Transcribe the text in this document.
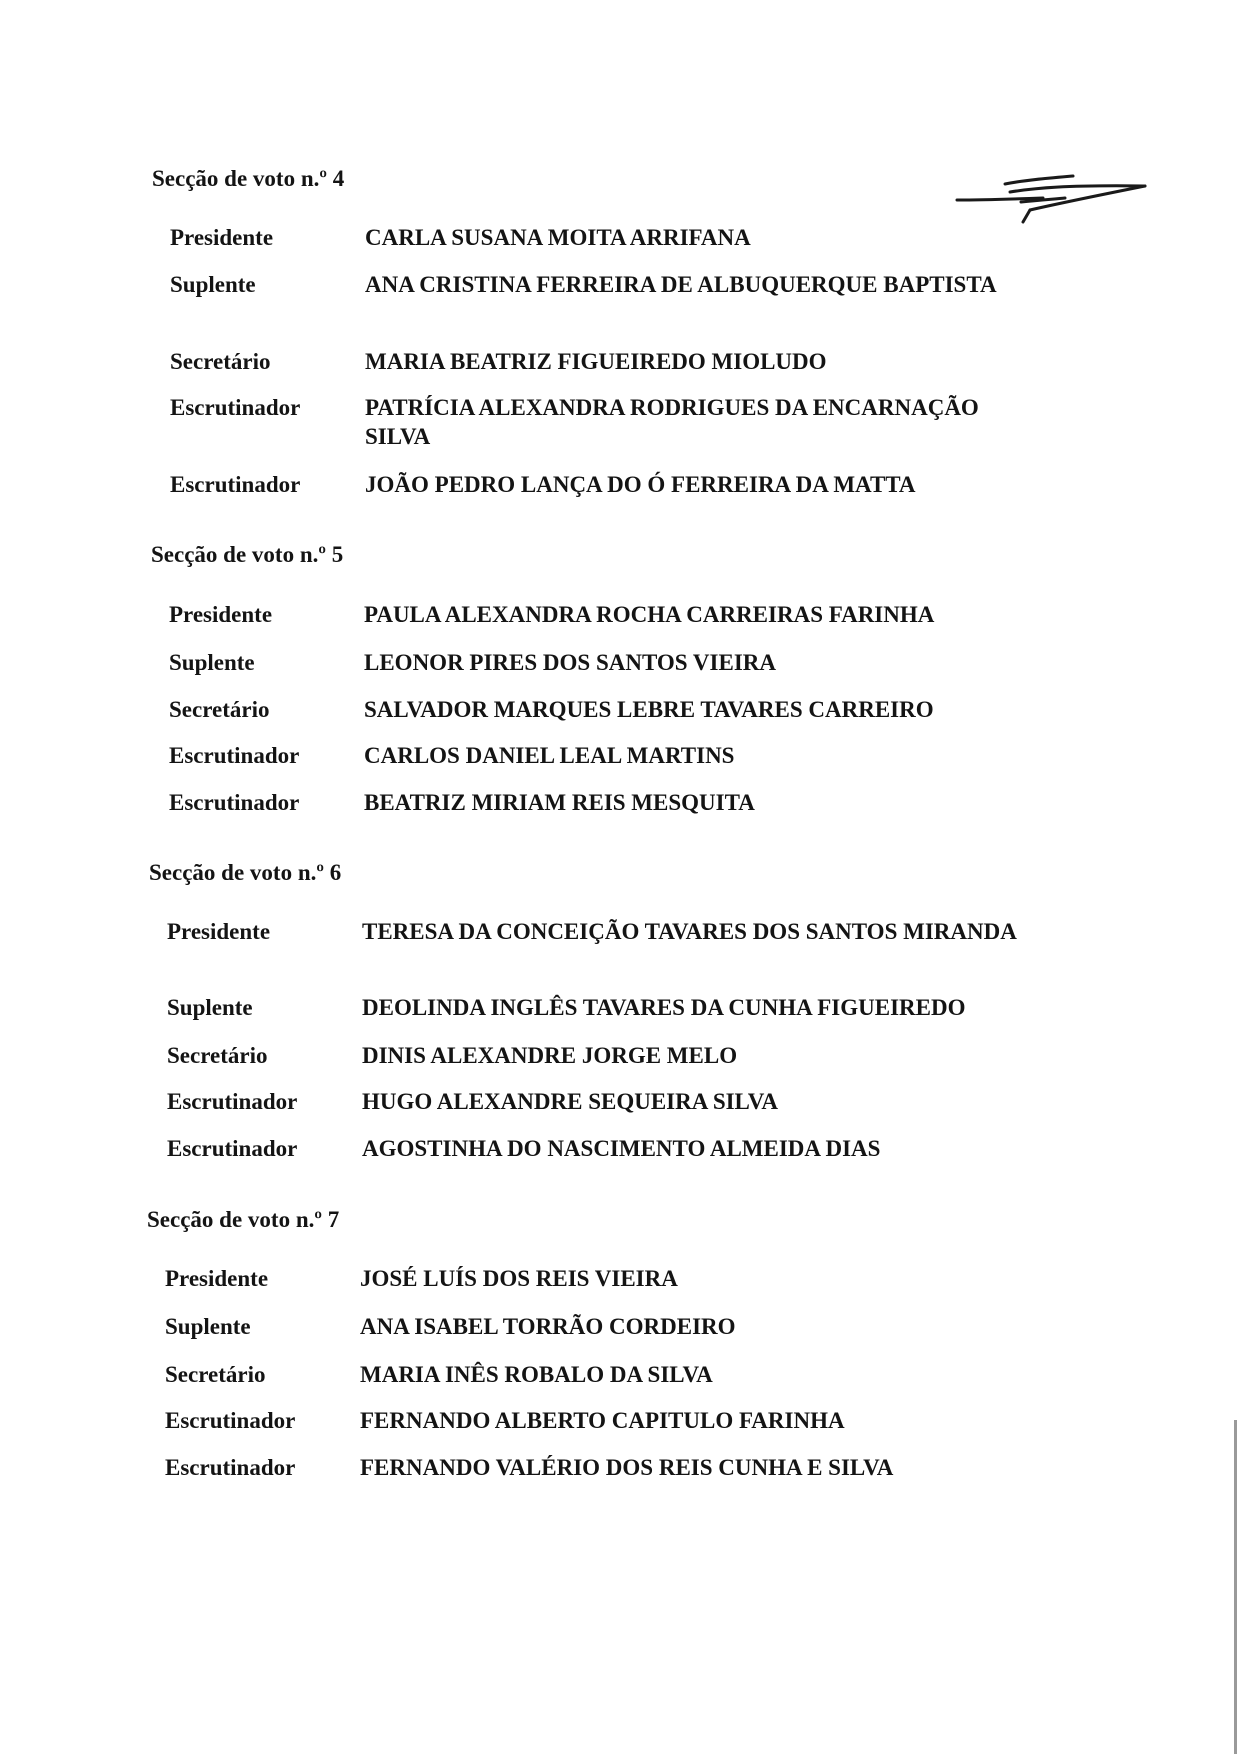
Secção de voto n.º 4
Presidente	CARLA SUSANA MOITA ARRIFANA
Suplente	ANA CRISTINA FERREIRA DE ALBUQUERQUE BAPTISTA
Secretário	MARIA BEATRIZ FIGUEIREDO MIOLUDO
Escrutinador	PATRÍCIA ALEXANDRA RODRIGUES DA ENCARNAÇÃO SILVA
Escrutinador	JOÃO PEDRO LANÇA DO Ó FERREIRA DA MATTA
Secção de voto n.º 5
Presidente	PAULA ALEXANDRA ROCHA CARREIRAS FARINHA
Suplente	LEONOR PIRES DOS SANTOS VIEIRA
Secretário	SALVADOR MARQUES LEBRE TAVARES CARREIRO
Escrutinador	CARLOS DANIEL LEAL MARTINS
Escrutinador	BEATRIZ MIRIAM REIS MESQUITA
Secção de voto n.º 6
Presidente	TERESA DA CONCEIÇÃO TAVARES DOS SANTOS MIRANDA
Suplente	DEOLINDA INGLÊS TAVARES DA CUNHA FIGUEIREDO
Secretário	DINIS ALEXANDRE JORGE MELO
Escrutinador	HUGO ALEXANDRE SEQUEIRA SILVA
Escrutinador	AGOSTINHA DO NASCIMENTO ALMEIDA DIAS
Secção de voto n.º 7
Presidente	JOSÉ LUÍS DOS REIS VIEIRA
Suplente	ANA ISABEL TORRÃO CORDEIRO
Secretário	MARIA INÊS ROBALO DA SILVA
Escrutinador	FERNANDO ALBERTO CAPITULO FARINHA
Escrutinador	FERNANDO VALÉRIO DOS REIS CUNHA E SILVA
